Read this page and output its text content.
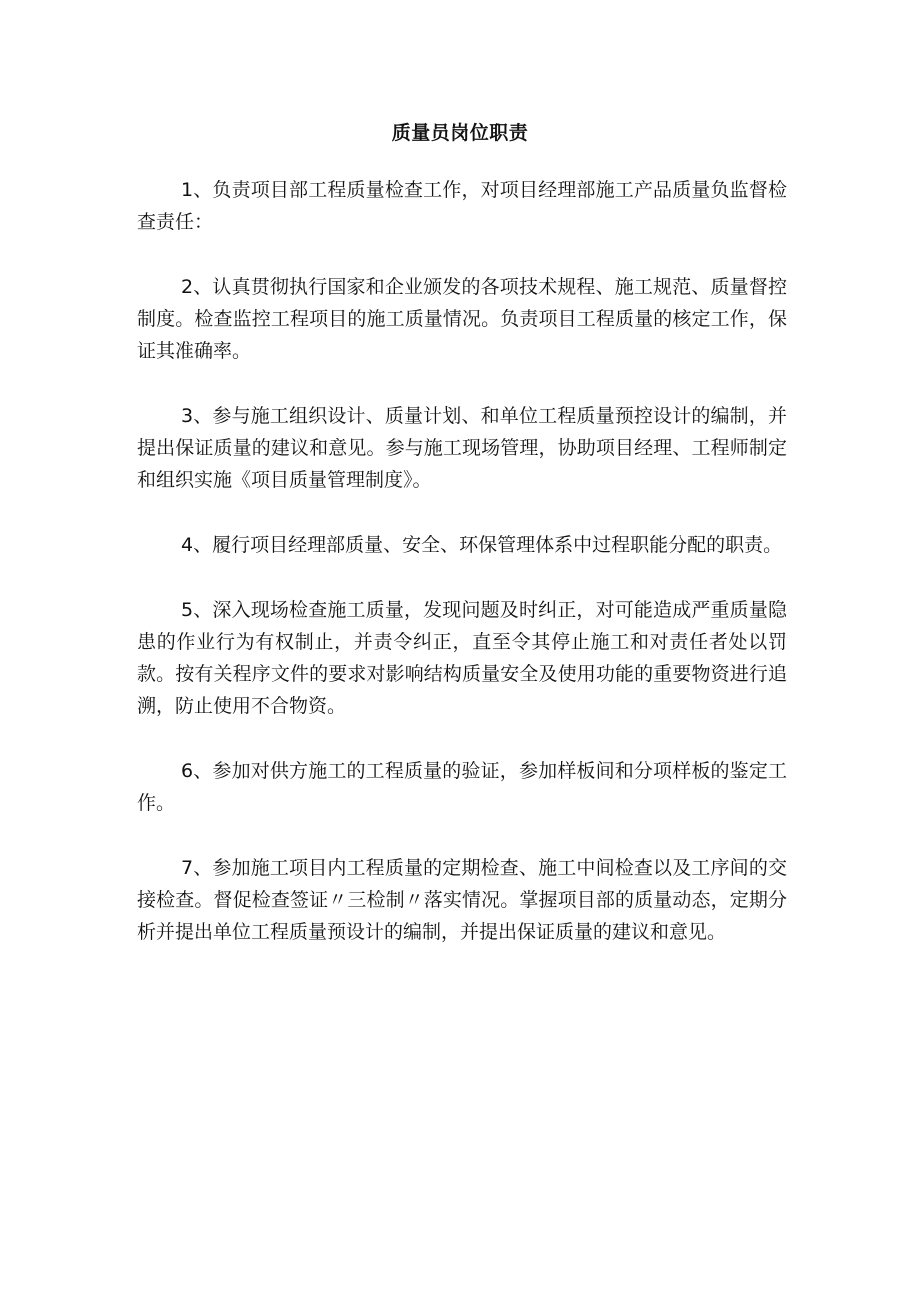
质量员岗位职责

1、负责项目部工程质量检查工作，对项目经理部施工产品质量负监督检查责任：

2、认真贯彻执行国家和企业颁发的各项技术规程、施工规范、质量督控制度。检查监控工程项目的施工质量情况。负责项目工程质量的核定工作，保证其准确率。

3、参与施工组织设计、质量计划、和单位工程质量预控设计的编制，并提出保证质量的建议和意见。参与施工现场管理，协助项目经理、工程师制定和组织实施《项目质量管理制度》。

4、履行项目经理部质量、安全、环保管理体系中过程职能分配的职责。

5、深入现场检查施工质量，发现问题及时纠正，对可能造成严重质量隐患的作业行为有权制止，并责令纠正，直至令其停止施工和对责任者处以罚款。按有关程序文件的要求对影响结构质量安全及使用功能的重要物资进行追溯，防止使用不合物资。

6、参加对供方施工的工程质量的验证，参加样板间和分项样板的鉴定工作。

7、参加施工项目内工程质量的定期检查、施工中间检查以及工序间的交接检查。督促检查签证〃三检制〃落实情况。掌握项目部的质量动态，定期分析并提出单位工程质量预设计的编制，并提出保证质量的建议和意见。
